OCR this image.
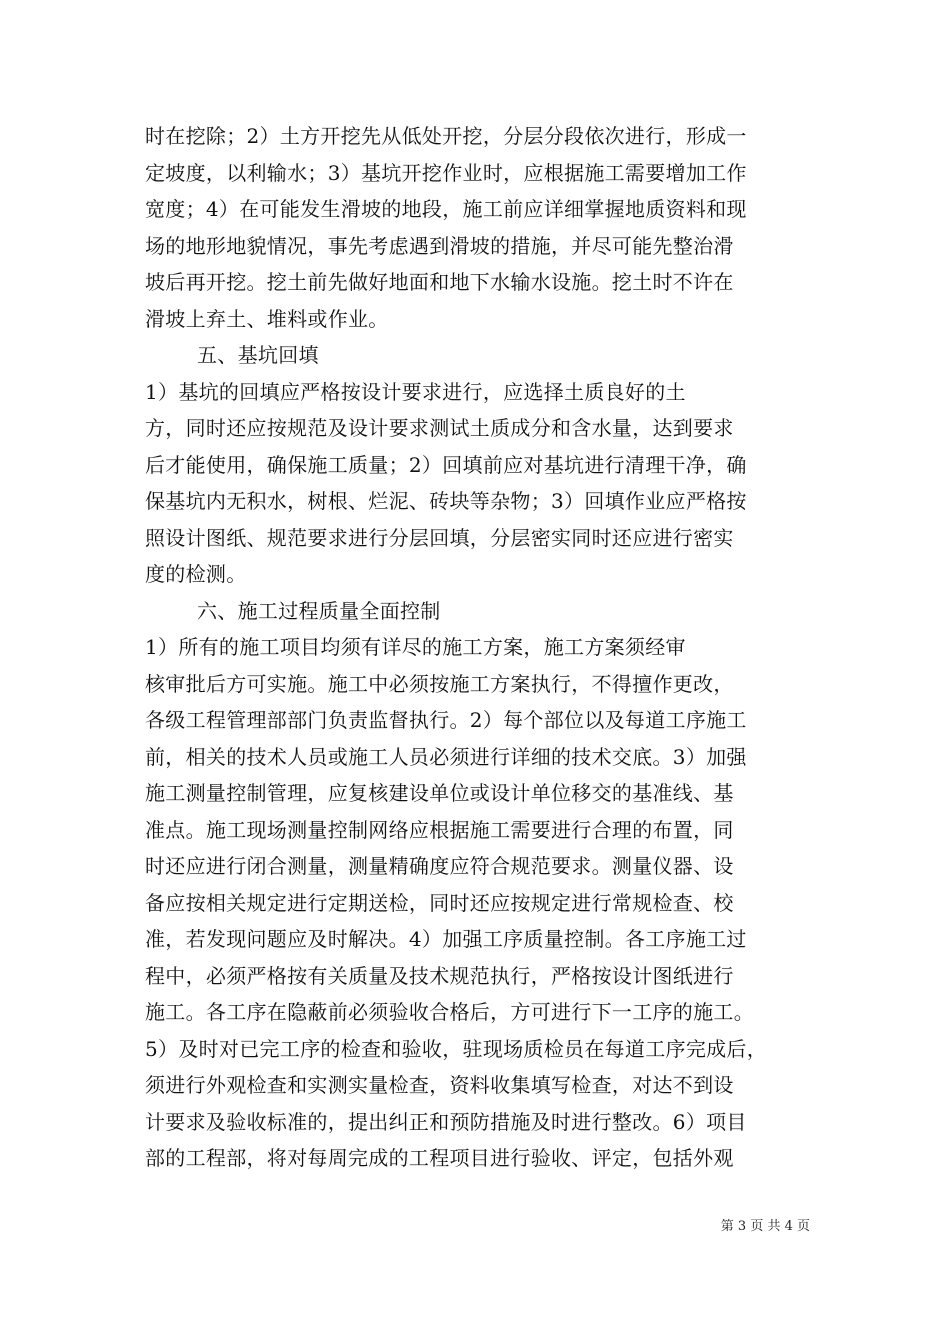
时在挖除；2）土方开挖先从低处开挖，分层分段依次进行，形成一
定坡度，以利输水；3）基坑开挖作业时，应根据施工需要增加工作
宽度；4）在可能发生滑坡的地段，施工前应详细掌握地质资料和现
场的地形地貌情况，事先考虑遇到滑坡的措施，并尽可能先整治滑
坡后再开挖。挖土前先做好地面和地下水输水设施。挖土时不许在
滑坡上弃土、堆料或作业。
五、基坑回填
1）基坑的回填应严格按设计要求进行，应选择土质良好的土
方，同时还应按规范及设计要求测试土质成分和含水量，达到要求
后才能使用，确保施工质量；2）回填前应对基坑进行清理干净，确
保基坑内无积水，树根、烂泥、砖块等杂物；3）回填作业应严格按
照设计图纸、规范要求进行分层回填，分层密实同时还应进行密实
度的检测。
六、施工过程质量全面控制
1）所有的施工项目均须有详尽的施工方案，施工方案须经审
核审批后方可实施。施工中必须按施工方案执行，不得擅作更改，
各级工程管理部部门负责监督执行。2）每个部位以及每道工序施工
前，相关的技术人员或施工人员必须进行详细的技术交底。3）加强
施工测量控制管理，应复核建设单位或设计单位移交的基准线、基
准点。施工现场测量控制网络应根据施工需要进行合理的布置，同
时还应进行闭合测量，测量精确度应符合规范要求。测量仪器、设
备应按相关规定进行定期送检，同时还应按规定进行常规检查、校
准，若发现问题应及时解决。4）加强工序质量控制。各工序施工过
程中，必须严格按有关质量及技术规范执行，严格按设计图纸进行
施工。各工序在隐蔽前必须验收合格后，方可进行下一工序的施工。
5）及时对已完工序的检查和验收，驻现场质检员在每道工序完成后，
须进行外观检查和实测实量检查，资料收集填写检查，对达不到设
计要求及验收标准的，提出纠正和预防措施及时进行整改。6）项目
部的工程部，将对每周完成的工程项目进行验收、评定，包括外观
第 3 页 共 4 页
